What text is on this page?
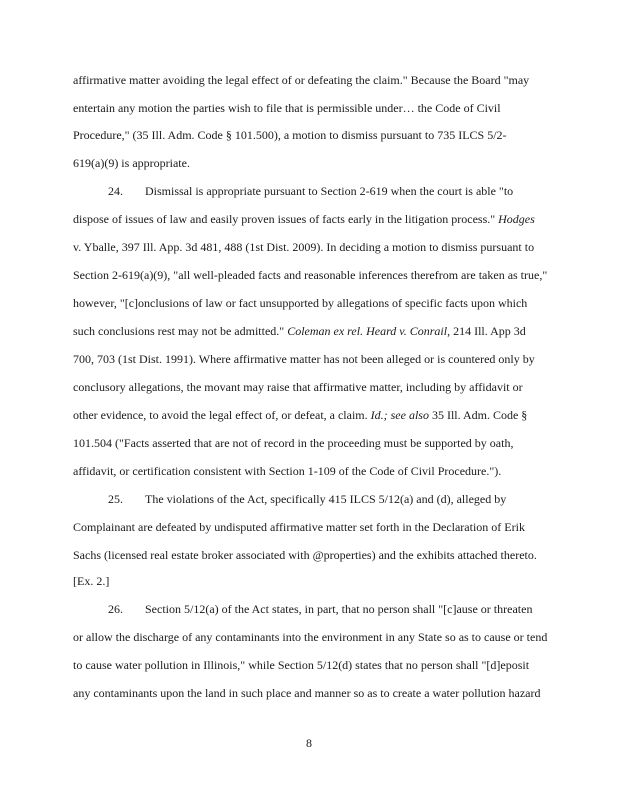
affirmative matter avoiding the legal effect of or defeating the claim." Because the Board "may
entertain any motion the parties wish to file that is permissible under… the Code of Civil
Procedure," (35 Ill. Adm. Code § 101.500), a motion to dismiss pursuant to 735 ILCS 5/2-
619(a)(9) is appropriate.
24. Dismissal is appropriate pursuant to Section 2-619 when the court is able "to
dispose of issues of law and easily proven issues of facts early in the litigation process." Hodges
v. Yballe, 397 Ill. App. 3d 481, 488 (1st Dist. 2009). In deciding a motion to dismiss pursuant to
Section 2-619(a)(9), "all well-pleaded facts and reasonable inferences therefrom are taken as true,"
however, "[c]onclusions of law or fact unsupported by allegations of specific facts upon which
such conclusions rest may not be admitted." Coleman ex rel. Heard v. Conrail, 214 Ill. App 3d
700, 703 (1st Dist. 1991). Where affirmative matter has not been alleged or is countered only by
conclusory allegations, the movant may raise that affirmative matter, including by affidavit or
other evidence, to avoid the legal effect of, or defeat, a claim. Id.; see also 35 Ill. Adm. Code §
101.504 ("Facts asserted that are not of record in the proceeding must be supported by oath,
affidavit, or certification consistent with Section 1-109 of the Code of Civil Procedure.").
25. The violations of the Act, specifically 415 ILCS 5/12(a) and (d), alleged by
Complainant are defeated by undisputed affirmative matter set forth in the Declaration of Erik
Sachs (licensed real estate broker associated with @properties) and the exhibits attached thereto.
[Ex. 2.]
26. Section 5/12(a) of the Act states, in part, that no person shall "[c]ause or threaten
or allow the discharge of any contaminants into the environment in any State so as to cause or tend
to cause water pollution in Illinois," while Section 5/12(d) states that no person shall "[d]eposit
any contaminants upon the land in such place and manner so as to create a water pollution hazard
8
